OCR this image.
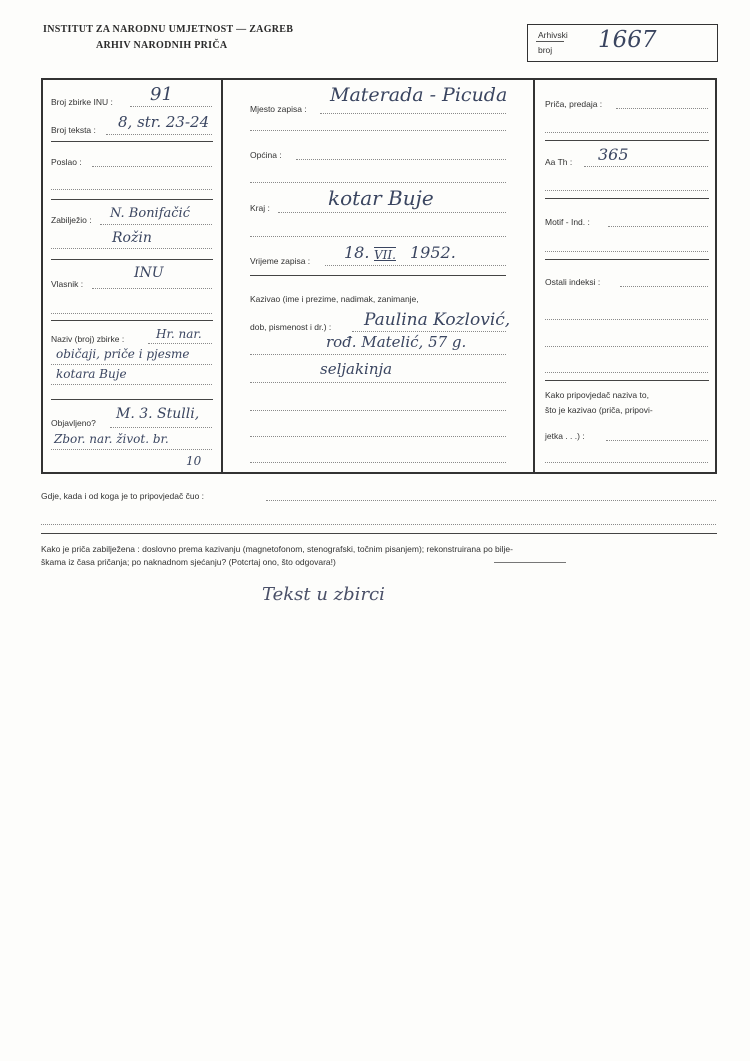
INSTITUT ZA NARODNU UMJETNOST — ZAGREB
ARHIV NARODNIH PRIČA
Arhivski
broj 1667
Broj zbirke INU : 91
Broj teksta : 8, str. 23-24
Poslao :
Zabilježio : N. Bonifačić
Rožin
Vlasnik :
INU
Naziv (broj) zbirke :	Hr. nar.
običaji, priče i pjesme
kotara Buje
Objavljeno?
M. 3. Stulli,
Zbor. nar. život. br.
10
Mjesto zapisa :
Materada - Picuda
Općina :
Kraj :	kotar Buje
Vrijeme zapisa : 18. VII. 1952.
Kazivao (ime i prezime, nadimak, zanimanje,
dob, pismenost i dr.) : Paulina Kozlović,
rođ. Matelić, 57 g.
seljakinja
Priča, predaja :
Aa Th : 365
Motif - Ind. :
Ostali indeksi :
Kako pripovjedač naziva to,
što je kazivao (priča, pripovi-
jetka . . .) :
Gdje, kada i od koga je to pripovjedač čuo :
Kako je priča zabilježena : doslovno prema kazivanju (magnetofonom, stenografski, točnim pisanjem); rekonstruirana po bilje-
škama iz časa pričanja; po naknadnom sjećanju? (Potcrtaj ono, što odgovara!)
Tekst u zbirci
